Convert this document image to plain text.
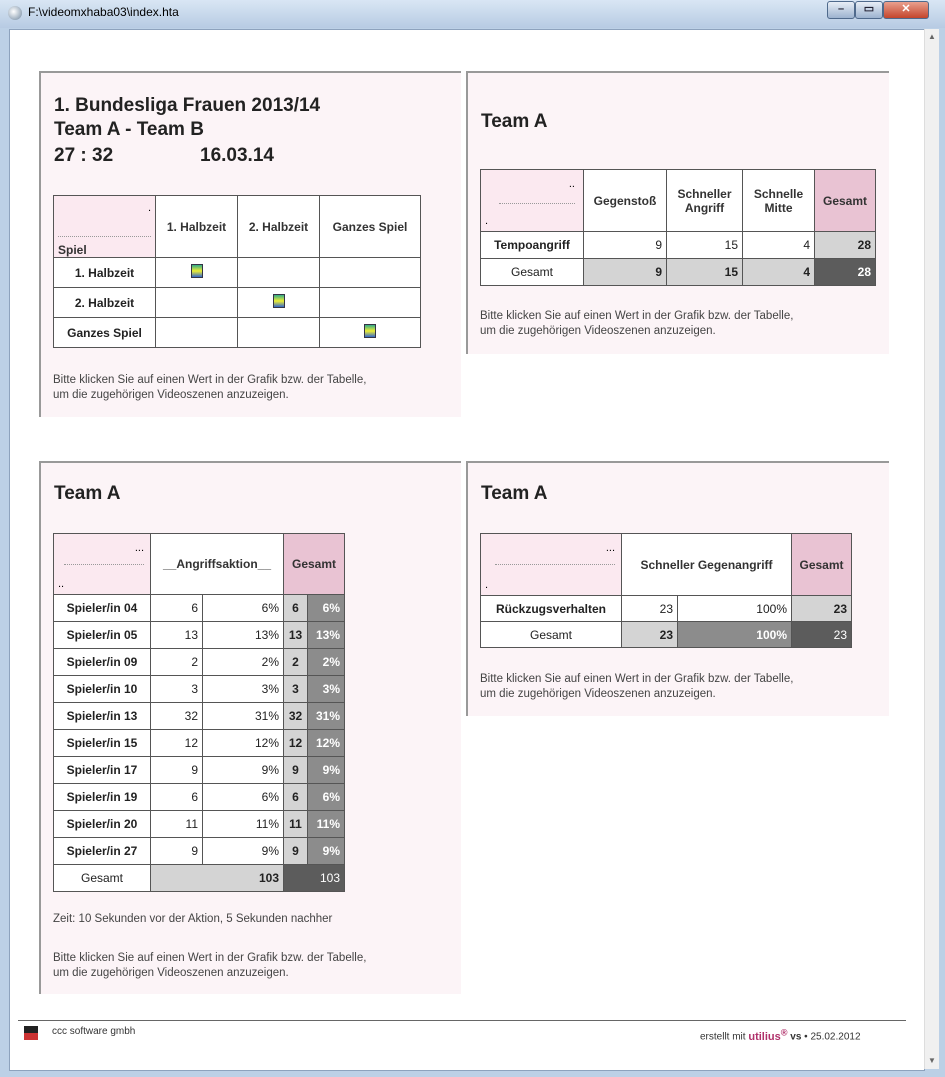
F:\videomxhaba03\index.hta	–	▭	✕
▲
▼
1. Bundesliga Frauen 2013/14
Team A - Team B
27 : 32	16.03.14
.
Spiel	1. Halbzeit	2. Halbzeit	Ganzes Spiel
1. Halbzeit			
2. Halbzeit			
Ganzes Spiel			
Bitte klicken Sie auf einen Wert in der Grafik bzw. der Tabelle,
um die zugehörigen Videoszenen anzuzeigen.
Team A
..
.	Gegenstoß	Schneller Angriff	Schnelle Mitte	Gesamt
Tempoangriff	9	15	4	28
Gesamt	9	15	4	28
Bitte klicken Sie auf einen Wert in der Grafik bzw. der Tabelle,
um die zugehörigen Videoszenen anzuzeigen.
Team A
...
..	__Angriffsaktion__		Gesamt	
Spieler/in 04	6	6%	6	6%
Spieler/in 05	13	13%	13	13%
Spieler/in 09	2	2%	2	2%
Spieler/in 10	3	3%	3	3%
Spieler/in 13	32	31%	32	31%
Spieler/in 15	12	12%	12	12%
Spieler/in 17	9	9%	9	9%
Spieler/in 19	6	6%	6	6%
Spieler/in 20	11	11%	11	11%
Spieler/in 27	9	9%	9	9%
Gesamt	103		103	
Zeit: 10 Sekunden vor der Aktion, 5 Sekunden nachher
Bitte klicken Sie auf einen Wert in der Grafik bzw. der Tabelle,
um die zugehörigen Videoszenen anzuzeigen.
Team A
...
.	Schneller Gegenangriff		Gesamt
Rückzugsverhalten	23	100%	23
Gesamt	23	100%	23
Bitte klicken Sie auf einen Wert in der Grafik bzw. der Tabelle,
um die zugehörigen Videoszenen anzuzeigen.
ccc software gmbh
erstellt mit utilius® vs • 25.02.2012
